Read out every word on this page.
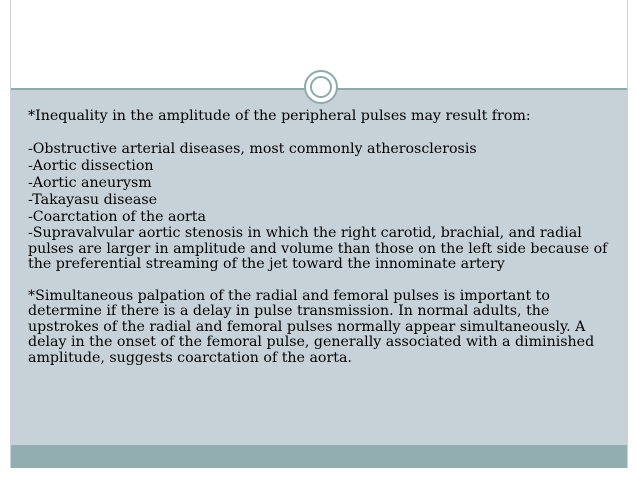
*Inequality in the amplitude of the peripheral pulses may result from:

-Obstructive arterial diseases, most commonly atherosclerosis

-Aortic dissection

-Aortic aneurysm

-Takayasu disease

-Coarctation of the aorta

-Supravalvular aortic stenosis in which the right carotid, brachial, and radial pulses are larger in amplitude and volume than those on the left side because of the preferential streaming of the jet toward the innominate artery

*Simultaneous palpation of the radial and femoral pulses is important to determine if there is a delay in pulse transmission. In normal adults, the upstrokes of the radial and femoral pulses normally appear simultaneously. A delay in the onset of the femoral pulse, generally associated with a diminished amplitude, suggests coarctation of the aorta.
